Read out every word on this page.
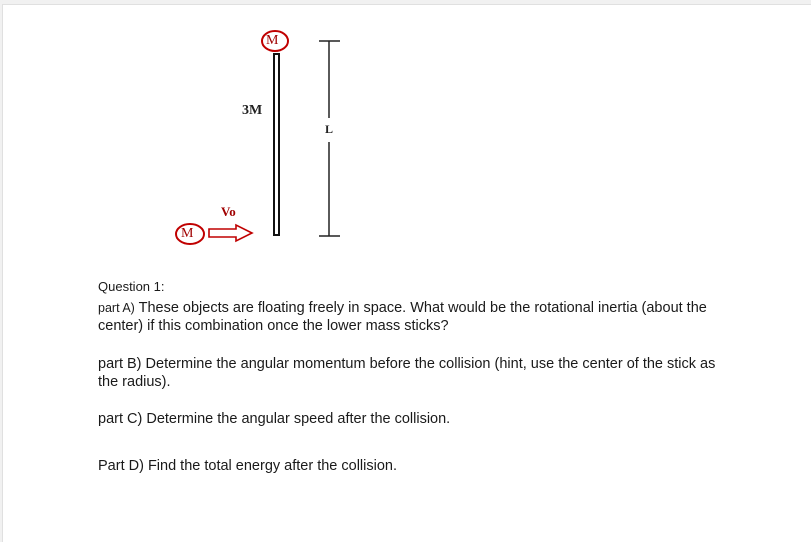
M
3M
L
Vo
M
Question 1:

part A) These objects are floating freely in space. What would be the rotational inertia (about the center) if this combination once the lower mass sticks?

part B) Determine the angular momentum before the collision (hint, use the center of the stick as the radius).

part C) Determine the angular speed after the collision.

Part D) Find the total energy after the collision.
